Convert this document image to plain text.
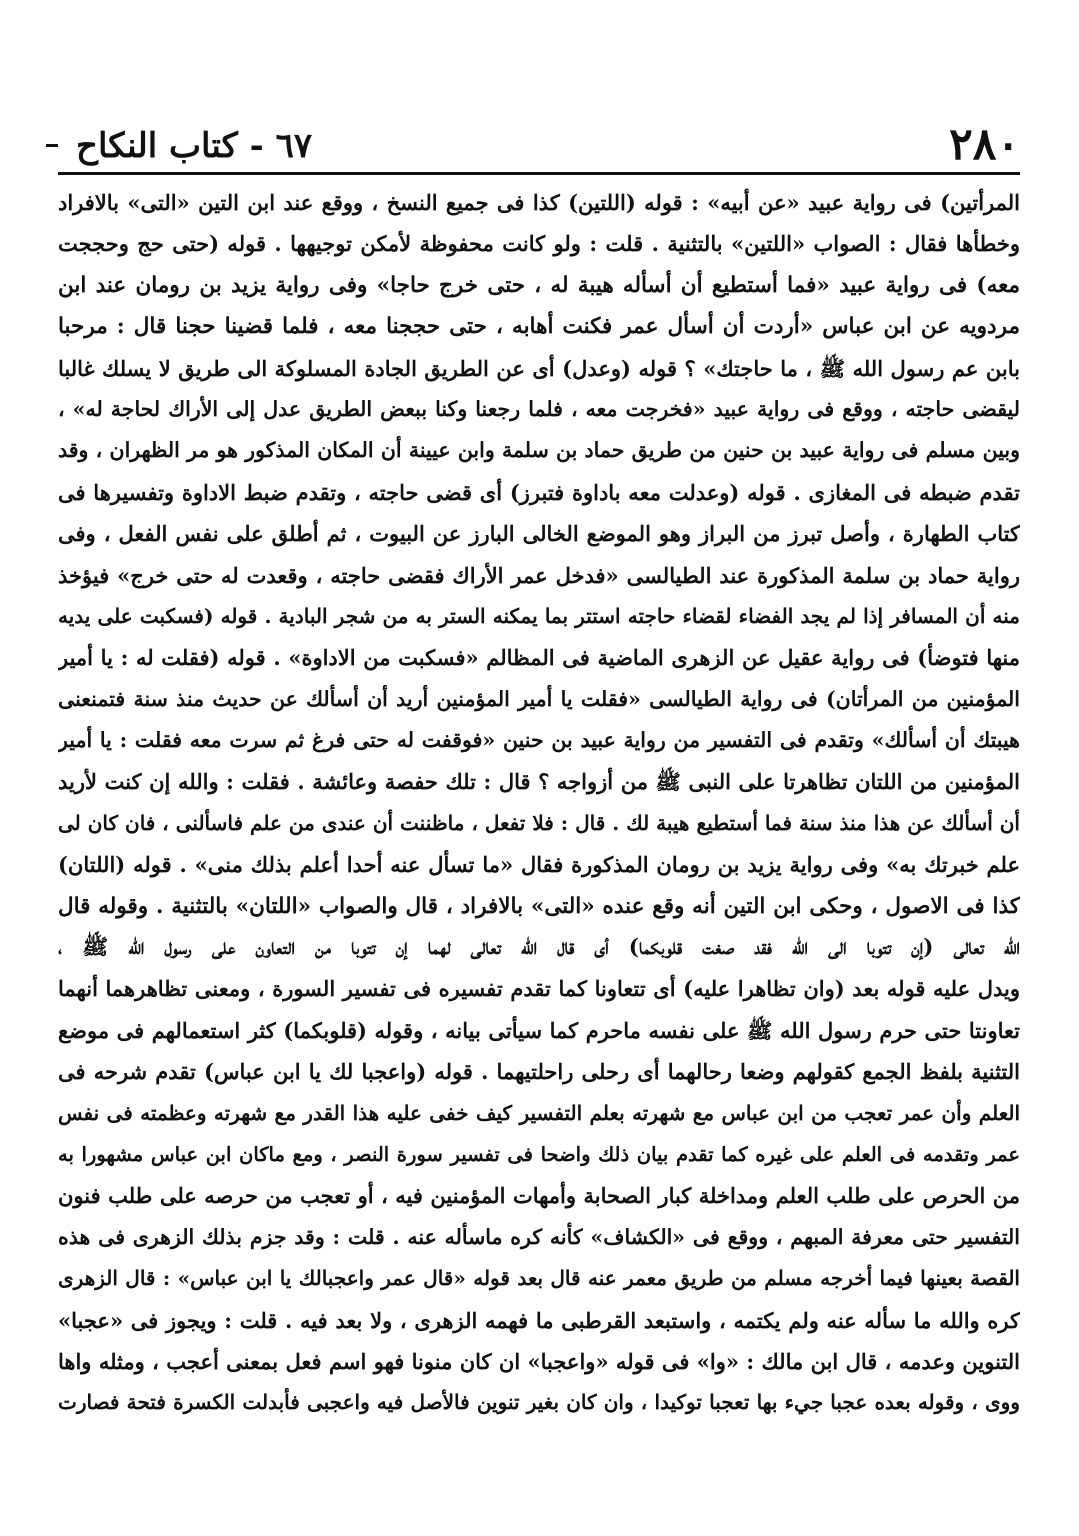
٢٨٠
٦٧ - كتاب النكاح
المرأتين) فى رواية عبيد «عن أبيه» : قوله (اللتين) كذا فى جميع النسخ ، ووقع عند ابن التين «التى» بالافراد
وخطأها فقال : الصواب «اللتين» بالتثنية . قلت : ولو كانت محفوظة لأمكن توجيهها . قوله (حتى حج وحججت
معه) فى رواية عبيد «فما أستطيع أن أسأله هيبة له ، حتى خرج حاجا» وفى رواية يزيد بن رومان عند ابن
مردويه عن ابن عباس «أردت أن أسأل عمر فكنت أهابه ، حتى حججنا معه ، فلما قضينا حجنا قال : مرحبا
بابن عم رسول الله ﷺ ، ما حاجتك» ؟ قوله (وعدل) أى عن الطريق الجادة المسلوكة الى طريق لا يسلك غالبا
ليقضى حاجته ، ووقع فى رواية عبيد «فخرجت معه ، فلما رجعنا وكنا ببعض الطريق عدل إلى الأراك لحاجة له» ،
وبين مسلم فى رواية عبيد بن حنين من طريق حماد بن سلمة وابن عيينة أن المكان المذكور هو مر الظهران ، وقد
تقدم ضبطه فى المغازى . قوله (وعدلت معه باداوة فتبرز) أى قضى حاجته ، وتقدم ضبط الاداوة وتفسيرها فى
كتاب الطهارة ، وأصل تبرز من البراز وهو الموضع الخالى البارز عن البيوت ، ثم أطلق على نفس الفعل ، وفى
رواية حماد بن سلمة المذكورة عند الطيالسى «فدخل عمر الأراك فقضى حاجته ، وقعدت له حتى خرج» فيؤخذ
منه أن المسافر إذا لم يجد الفضاء لقضاء حاجته استتر بما يمكنه الستر به من شجر البادية . قوله (فسكبت على يديه
منها فتوضأ) فى رواية عقيل عن الزهرى الماضية فى المظالم «فسكبت من الاداوة» . قوله (فقلت له : يا أمير
المؤمنين من المرأتان) فى رواية الطيالسى «فقلت يا أمير المؤمنين أريد أن أسألك عن حديث منذ سنة فتمنعنى
هيبتك أن أسألك» وتقدم فى التفسير من رواية عبيد بن حنين «فوقفت له حتى فرغ ثم سرت معه فقلت : يا أمير
المؤمنين من اللتان تظاهرتا على النبى ﷺ من أزواجه ؟ قال : تلك حفصة وعائشة . فقلت : والله إن كنت لأريد
أن أسألك عن هذا منذ سنة فما أستطيع هيبة لك . قال : فلا تفعل ، ماظننت أن عندى من علم فاسألنى ، فان كان لى
علم خبرتك به» وفى رواية يزيد بن رومان المذكورة فقال «ما تسأل عنه أحدا أعلم بذلك منى» . قوله (اللتان)
كذا فى الاصول ، وحكى ابن التين أنه وقع عنده «التى» بالافراد ، قال والصواب «اللتان» بالتثنية . وقوله قال
الله تعالى (إن تتوبا الى الله فقد صغت قلوبكما) أى قال الله تعالى لهما إن تتوبا من التعاون على رسول الله ﷺ ،
ويدل عليه قوله بعد (وان تظاهرا عليه) أى تتعاونا كما تقدم تفسيره فى تفسير السورة ، ومعنى تظاهرهما أنهما
تعاونتا حتى حرم رسول الله ﷺ على نفسه ماحرم كما سيأتى بيانه ، وقوله (قلوبكما) كثر استعمالهم فى موضع
التثنية بلفظ الجمع كقولهم وضعا رحالهما أى رحلى راحلتيهما . قوله (واعجبا لك يا ابن عباس) تقدم شرحه فى
العلم وأن عمر تعجب من ابن عباس مع شهرته بعلم التفسير كيف خفى عليه هذا القدر مع شهرته وعظمته فى نفس
عمر وتقدمه فى العلم على غيره كما تقدم بيان ذلك واضحا فى تفسير سورة النصر ، ومع ماكان ابن عباس مشهورا به
من الحرص على طلب العلم ومداخلة كبار الصحابة وأمهات المؤمنين فيه ، أو تعجب من حرصه على طلب فنون
التفسير حتى معرفة المبهم ، ووقع فى «الكشاف» كأنه كره ماسأله عنه . قلت : وقد جزم بذلك الزهرى فى هذه
القصة بعينها فيما أخرجه مسلم من طريق معمر عنه قال بعد قوله «قال عمر واعجبالك يا ابن عباس» : قال الزهرى
كره والله ما سأله عنه ولم يكتمه ، واستبعد القرطبى ما فهمه الزهرى ، ولا بعد فيه . قلت : ويجوز فى «عجبا»
التنوين وعدمه ، قال ابن مالك : «وا» فى قوله «واعجبا» ان كان منونا فهو اسم فعل بمعنى أعجب ، ومثله واها
ووى ، وقوله بعده عجبا جيء بها تعجبا توكيدا ، وان كان بغير تنوين فالأصل فيه واعجبى فأبدلت الكسرة فتحة فصارت
